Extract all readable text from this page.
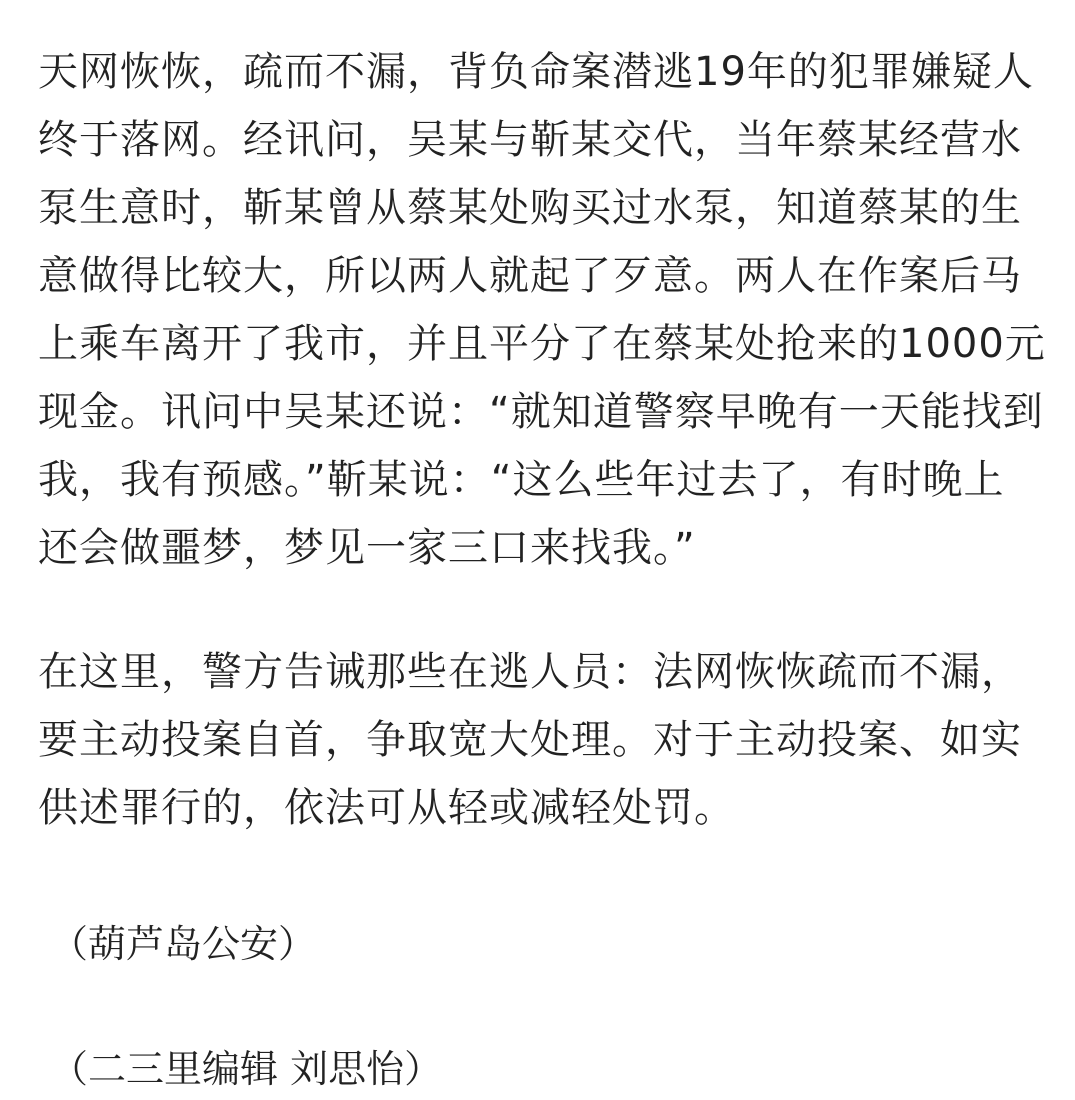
天网恢恢，疏而不漏，背负命案潜逃19年的犯罪嫌疑人
终于落网。经讯问，吴某与靳某交代，当年蔡某经营水
泵生意时，靳某曾从蔡某处购买过水泵，知道蔡某的生
意做得比较大，所以两人就起了歹意。两人在作案后马
上乘车离开了我市，并且平分了在蔡某处抢来的1000元
现金。讯问中吴某还说：“就知道警察早晚有一天能找到
我，我有预感。”靳某说：“这么些年过去了，有时晚上
还会做噩梦，梦见一家三口来找我。”

在这里，警方告诫那些在逃人员：法网恢恢疏而不漏，
要主动投案自首，争取宽大处理。对于主动投案、如实
供述罪行的，依法可从轻或减轻处罚。

（葫芦岛公安）
（二三里编辑 刘思怡）
